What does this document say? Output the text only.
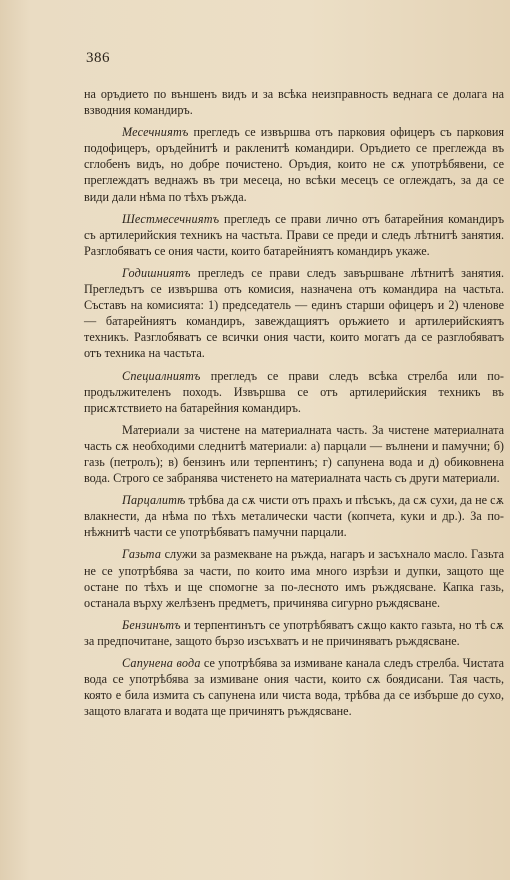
386

на оръдието по външенъ видъ и за всѣка неизправность веднага се долага на взводния командиръ.

Месечниятъ прегледъ се извършва отъ парковия офицеръ съ парковия подофицеръ, оръдейнитѣ и ракленитѣ командири. Оръдието се преглежда въ сглобенъ видъ, но добре почистено. Оръдия, които не сѫ употрѣбявени, се преглеждатъ веднажъ въ три месеца, но всѣки месецъ се оглеждатъ, за да се види дали нѣма по тѣхъ ръжда.

Шестмесечниятъ прегледъ се прави лично отъ батарейния командиръ съ артилерийския техникъ на частьта. Прави се преди и следъ лѣтнитѣ занятия. Разглобяватъ се ония части, които батарейниятъ командиръ укаже.

Годишниятъ прегледъ се прави следъ завършване лѣтнитѣ занятия. Прегледътъ се извършва отъ комисия, назначена отъ командира на частьта. Съставъ на комисията: 1) председатель — единъ старши офицеръ и 2) членове — батарейниятъ командиръ, завеждащиятъ оръжието и артилерийскиятъ техникъ. Разглобяватъ се всички ония части, които могатъ да се разглобяватъ отъ техника на частьта.

Специалниятъ прегледъ се прави следъ всѣка стрелба или по-продължителенъ походъ. Извършва се отъ артилерийския техникъ въ присѫтствието на батарейния командиръ.

Материали за чистене на материалната часть. За чистене материалната часть сѫ необходими следнитѣ материали: а) парцали — вълнени и памучни; б) газь (петролъ); в) бензинъ или терпентинъ; г) сапунена вода и д) обиковнена вода. Строго се забранява чистенето на материалната часть съ други материали.

Парцалитѣ трѣбва да сѫ чисти отъ прахъ и пѣсъкъ, да сѫ сухи, да не сѫ влакнести, да нѣма по тѣхъ металически части (копчета, куки и др.). За по-нѣжнитѣ части се употрѣбяватъ памучни парцали.

Газьта служи за размекване на ръжда, нагаръ и засъхнало масло. Газьта не се употрѣбява за части, по които има много изрѣзи и дупки, защото ще остане по тѣхъ и ще спомогне за по-лесното имъ ръждясване. Капка газь, останала върху желѣзенъ предметъ, причинява сигурно ръждясване.

Бензинътъ и терпентинътъ се употрѣбяватъ сѫщо както газьта, но тѣ сѫ за предпочитане, защото бързо изсъхватъ и не причиняватъ ръждясване.

Сапунена вода се употрѣбява за измиване канала следъ стрелба. Чистата вода се употрѣбява за измиване ония части, които сѫ боядисани. Тая часть, която е била измита съ сапунена или чиста вода, трѣбва да се избърше до сухо, защото влагата и водата ще причинятъ ръждясване.
